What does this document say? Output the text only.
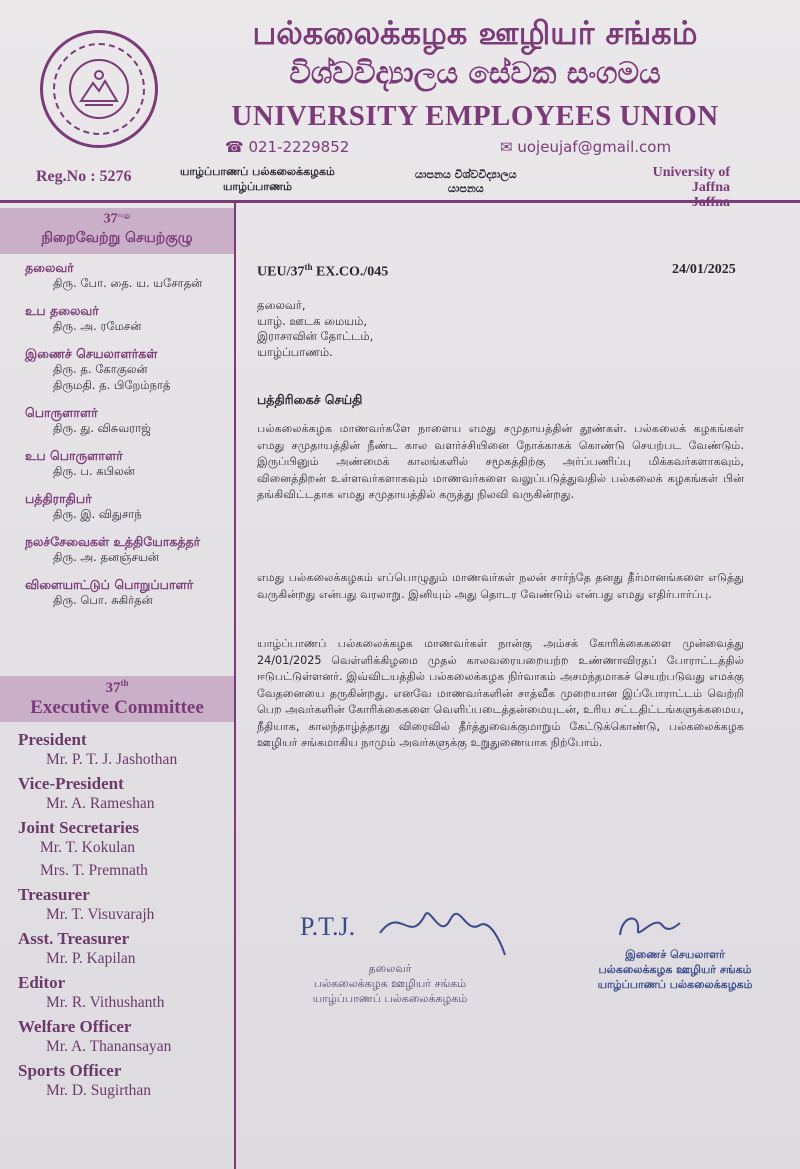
பல்கலைக்கழக ஊழியர் சங்கம்
විශ්වවිද්‍යාලය සේවක සංගමය
UNIVERSITY EMPLOYEES UNION
☎ 021-2229852	✉ uojeujaf@gmail.com
Reg.No : 5276	யாழ்ப்பாணப் பல்கலைக்கழகம்
யாழ்ப்பாணம்
යාපනය විශ්වවිද්‍යාලය
යාපනය
University of Jaffna
$37^{வது}$
நிறைவேற்று செயற்குழு
தலைவர்
திரு. போ. தை. ய. யசோதன்
உப தலைவர்
திரு. அ. ரமேசன்
இணைச் செயலாளர்கள்
திரு. த. கோகுலன்
திருமதி. த. பிறேம்நாத்
பொருளாளர்
திரு. து. விசுவராஜ்
உப பொருளாளர்
திரு. ப. கபிலன்
பத்திராதிபர்
திரு. இ. விதுசாந்
நலச்சேவைகள் உத்தியோகத்தர்
திரு. அ. தனஞ்சயன்
விளையாட்டுப் பொறுப்பாளர்
திரு. பொ. சுகிர்தன்
37th
Executive Committee
President
Mr. P. T. J. Jashothan
Vice-President
Mr. A. Rameshan
Joint Secretaries
Mr. T. Kokulan
Mrs. T. Premnath
Treasurer
Mr. T. Visuvarajh
Asst. Treasurer
Mr. P. Kapilan
Editor
Mr. R. Vithushanth
Welfare Officer
Mr. A. Thanansayan
Sports Officer
Mr. D. Sugirthan
UEU/37th EX.CO./045	24/01/2025
தலைவர்,
யாழ். ஊடக மையம்,
இராசாவின் தோட்டம்,
யாழ்ப்பாணம்.
பத்திரிகைச் செய்தி
பல்கலைக்கழக மாணவர்களே நாளைய எமது சமுதாயத்தின் தூண்கள். பல்கலைக் கழகங்கள் எமது சமுதாயத்தின் நீண்ட கால வளர்ச்சியினை நோக்காகக் கொண்டு செயற்பட வேண்டும். இருப்பினும் அண்மைக் காலங்களில் சமூகத்திற்கு அர்ப்பணிப்பு மிக்கவர்களாகவும், வினைத்திறன் உள்ளவர்களாகவும் மாணவர்களை வலுப்படுத்துவதில் பல்கலைக் கழகங்கள் பின் தங்கிவிட்டதாக எமது சமுதாயத்தில் கருத்து நிலவி வருகின்றது.
எமது பல்கலைக்கழகம் எப்பொழுதும் மாணவர்கள் நலன் சார்ந்தே தனது தீர்மானங்களை எடுத்து வருகின்றது என்பது வரலாறு. இனியும் அது தொடர வேண்டும் என்பது எமது எதிர்பார்ப்பு.
யாழ்ப்பாணப் பல்கலைக்கழக மாணவர்கள் நான்கு அம்சக் கோரிக்கைகளை முன்வைத்து 24/01/2025 வெள்ளிக்கிழமை முதல் காலவரையறையற்ற உண்ணாவிரதப் போராட்டத்தில் ஈடுபட்டுள்ளனர். இவ்விடயத்தில் பல்கலைக்கழக நிர்வாகம் அசமந்தமாகச் செயற்படுவது எமக்கு வேதனையை தருகின்றது. எனவே மாணவர்களின் சாத்வீக முறையான இப்போராட்டம் வெற்றி பெற அவர்களின் கோரிக்கைகளை வெளிப்படைத்தன்மையுடன், உரிய சட்டதிட்டங்களுக்கமைய, நீதியாக, காலந்தாழ்த்தாது விரைவில் தீர்த்துவைக்குமாறும் கேட்டுக்கொண்டு, பல்கலைக்கழக ஊழியர் சங்கமாகிய நாமும் அவர்களுக்கு உறுதுணையாக நிற்போம்.
P.T.J.
தலைவர்
பல்கலைக்கழக ஊழியர் சங்கம்
யாழ்ப்பாணப் பல்கலைக்கழகம்
இணைச் செயலாளர்
பல்கலைக்கழக ஊழியர் சங்கம்
யாழ்ப்பாணப் பல்கலைக்கழகம்
